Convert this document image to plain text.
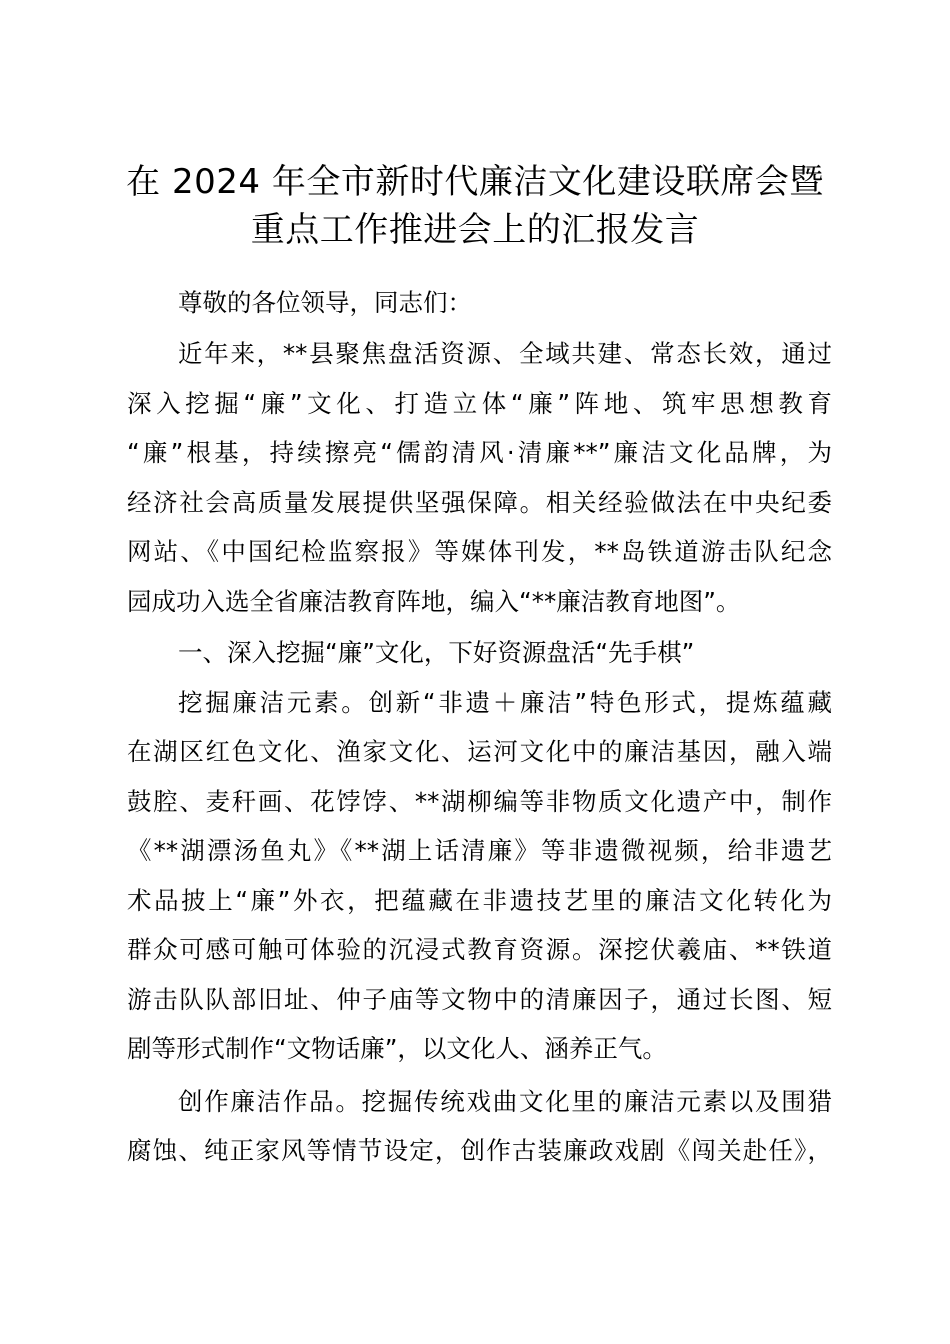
在 2024 年全市新时代廉洁文化建设联席会暨
重点工作推进会上的汇报发言
尊敬的各位领导，同志们：
近年来，**县聚焦盘活资源、全域共建、常态长效，通过
深入挖掘“廉”文化、打造立体“廉”阵地、筑牢思想教育
“廉”根基，持续擦亮“儒韵清风·清廉**”廉洁文化品牌，为
经济社会高质量发展提供坚强保障。相关经验做法在中央纪委
网站、《中国纪检监察报》等媒体刊发，**岛铁道游击队纪念
园成功入选全省廉洁教育阵地，编入“**廉洁教育地图”。
一、深入挖掘“廉”文化，下好资源盘活“先手棋”
挖掘廉洁元素。创新“非遗＋廉洁”特色形式，提炼蕴藏
在湖区红色文化、渔家文化、运河文化中的廉洁基因，融入端
鼓腔、麦秆画、花饽饽、**湖柳编等非物质文化遗产中，制作
《**湖漂汤鱼丸》《**湖上话清廉》等非遗微视频，给非遗艺
术品披上“廉”外衣，把蕴藏在非遗技艺里的廉洁文化转化为
群众可感可触可体验的沉浸式教育资源。深挖伏羲庙、**铁道
游击队队部旧址、仲子庙等文物中的清廉因子，通过长图、短
剧等形式制作“文物话廉”，以文化人、涵养正气。
创作廉洁作品。挖掘传统戏曲文化里的廉洁元素以及围猎
腐蚀、纯正家风等情节设定，创作古装廉政戏剧《闯关赴任》，
